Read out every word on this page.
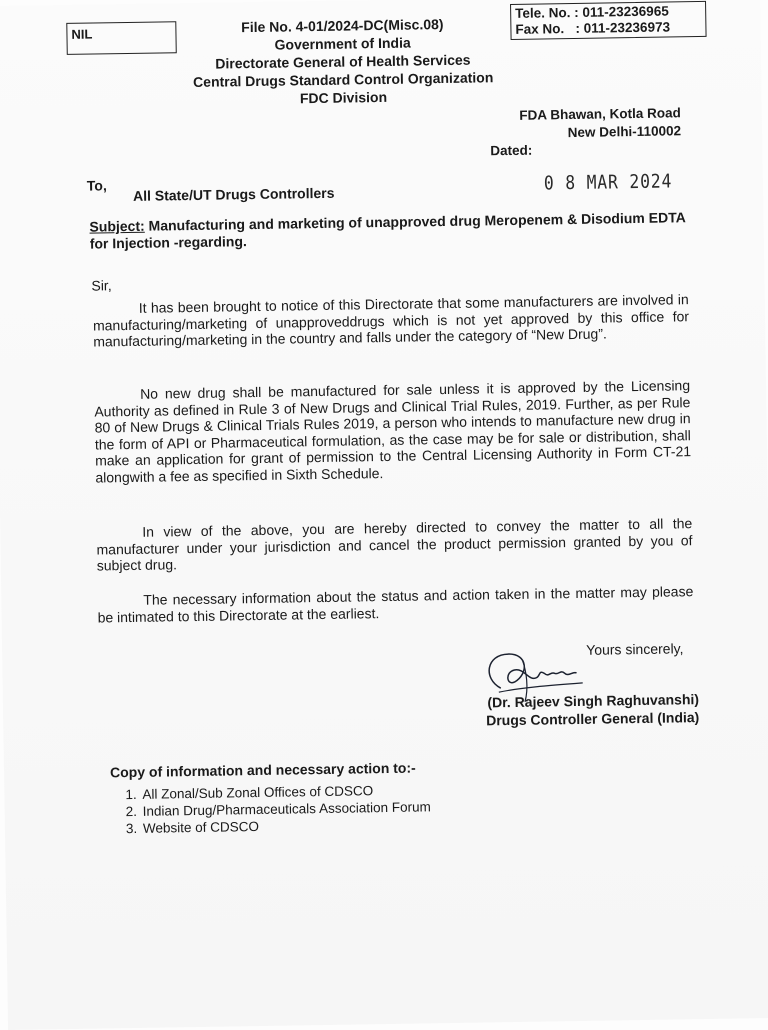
NIL	File No. 4-01/2024-DC(Misc.08)
Government of India
Directorate General of Health Services
Central Drugs Standard Control Organization
FDC Division
Tele. No. : 011-23236965
Fax No.   : 011-23236973
FDA Bhawan, Kotla Road
New Delhi-110002
Dated:
0 8 MAR 2024
To, All State/UT Drugs Controllers
Subject: Manufacturing and marketing of unapproved drug Meropenem & Disodium EDTA for Injection -regarding.
Sir,
It has been brought to notice of this Directorate that some manufacturers are involved in manufacturing/marketing of unapproveddrugs which is not yet approved by this office for manufacturing/marketing in the country and falls under the category of “New Drug”.
No new drug shall be manufactured for sale unless it is approved by the Licensing Authority as defined in Rule 3 of New Drugs and Clinical Trial Rules, 2019. Further, as per Rule 80 of New Drugs & Clinical Trials Rules 2019, a person who intends to manufacture new drug in the form of API or Pharmaceutical formulation, as the case may be for sale or distribution, shall make an application for grant of permission to the Central Licensing Authority in Form CT-21 alongwith a fee as specified in Sixth Schedule.
In view of the above, you are hereby directed to convey the matter to all the manufacturer under your jurisdiction and cancel the product permission granted by you of subject drug.
The necessary information about the status and action taken in the matter may please be intimated to this Directorate at the earliest.
Yours sincerely,
(Dr. Rajeev Singh Raghuvanshi)
Drugs Controller General (India)
Copy of information and necessary action to:-
1. All Zonal/Sub Zonal Offices of CDSCO
2. Indian Drug/Pharmaceuticals Association Forum
3. Website of CDSCO
